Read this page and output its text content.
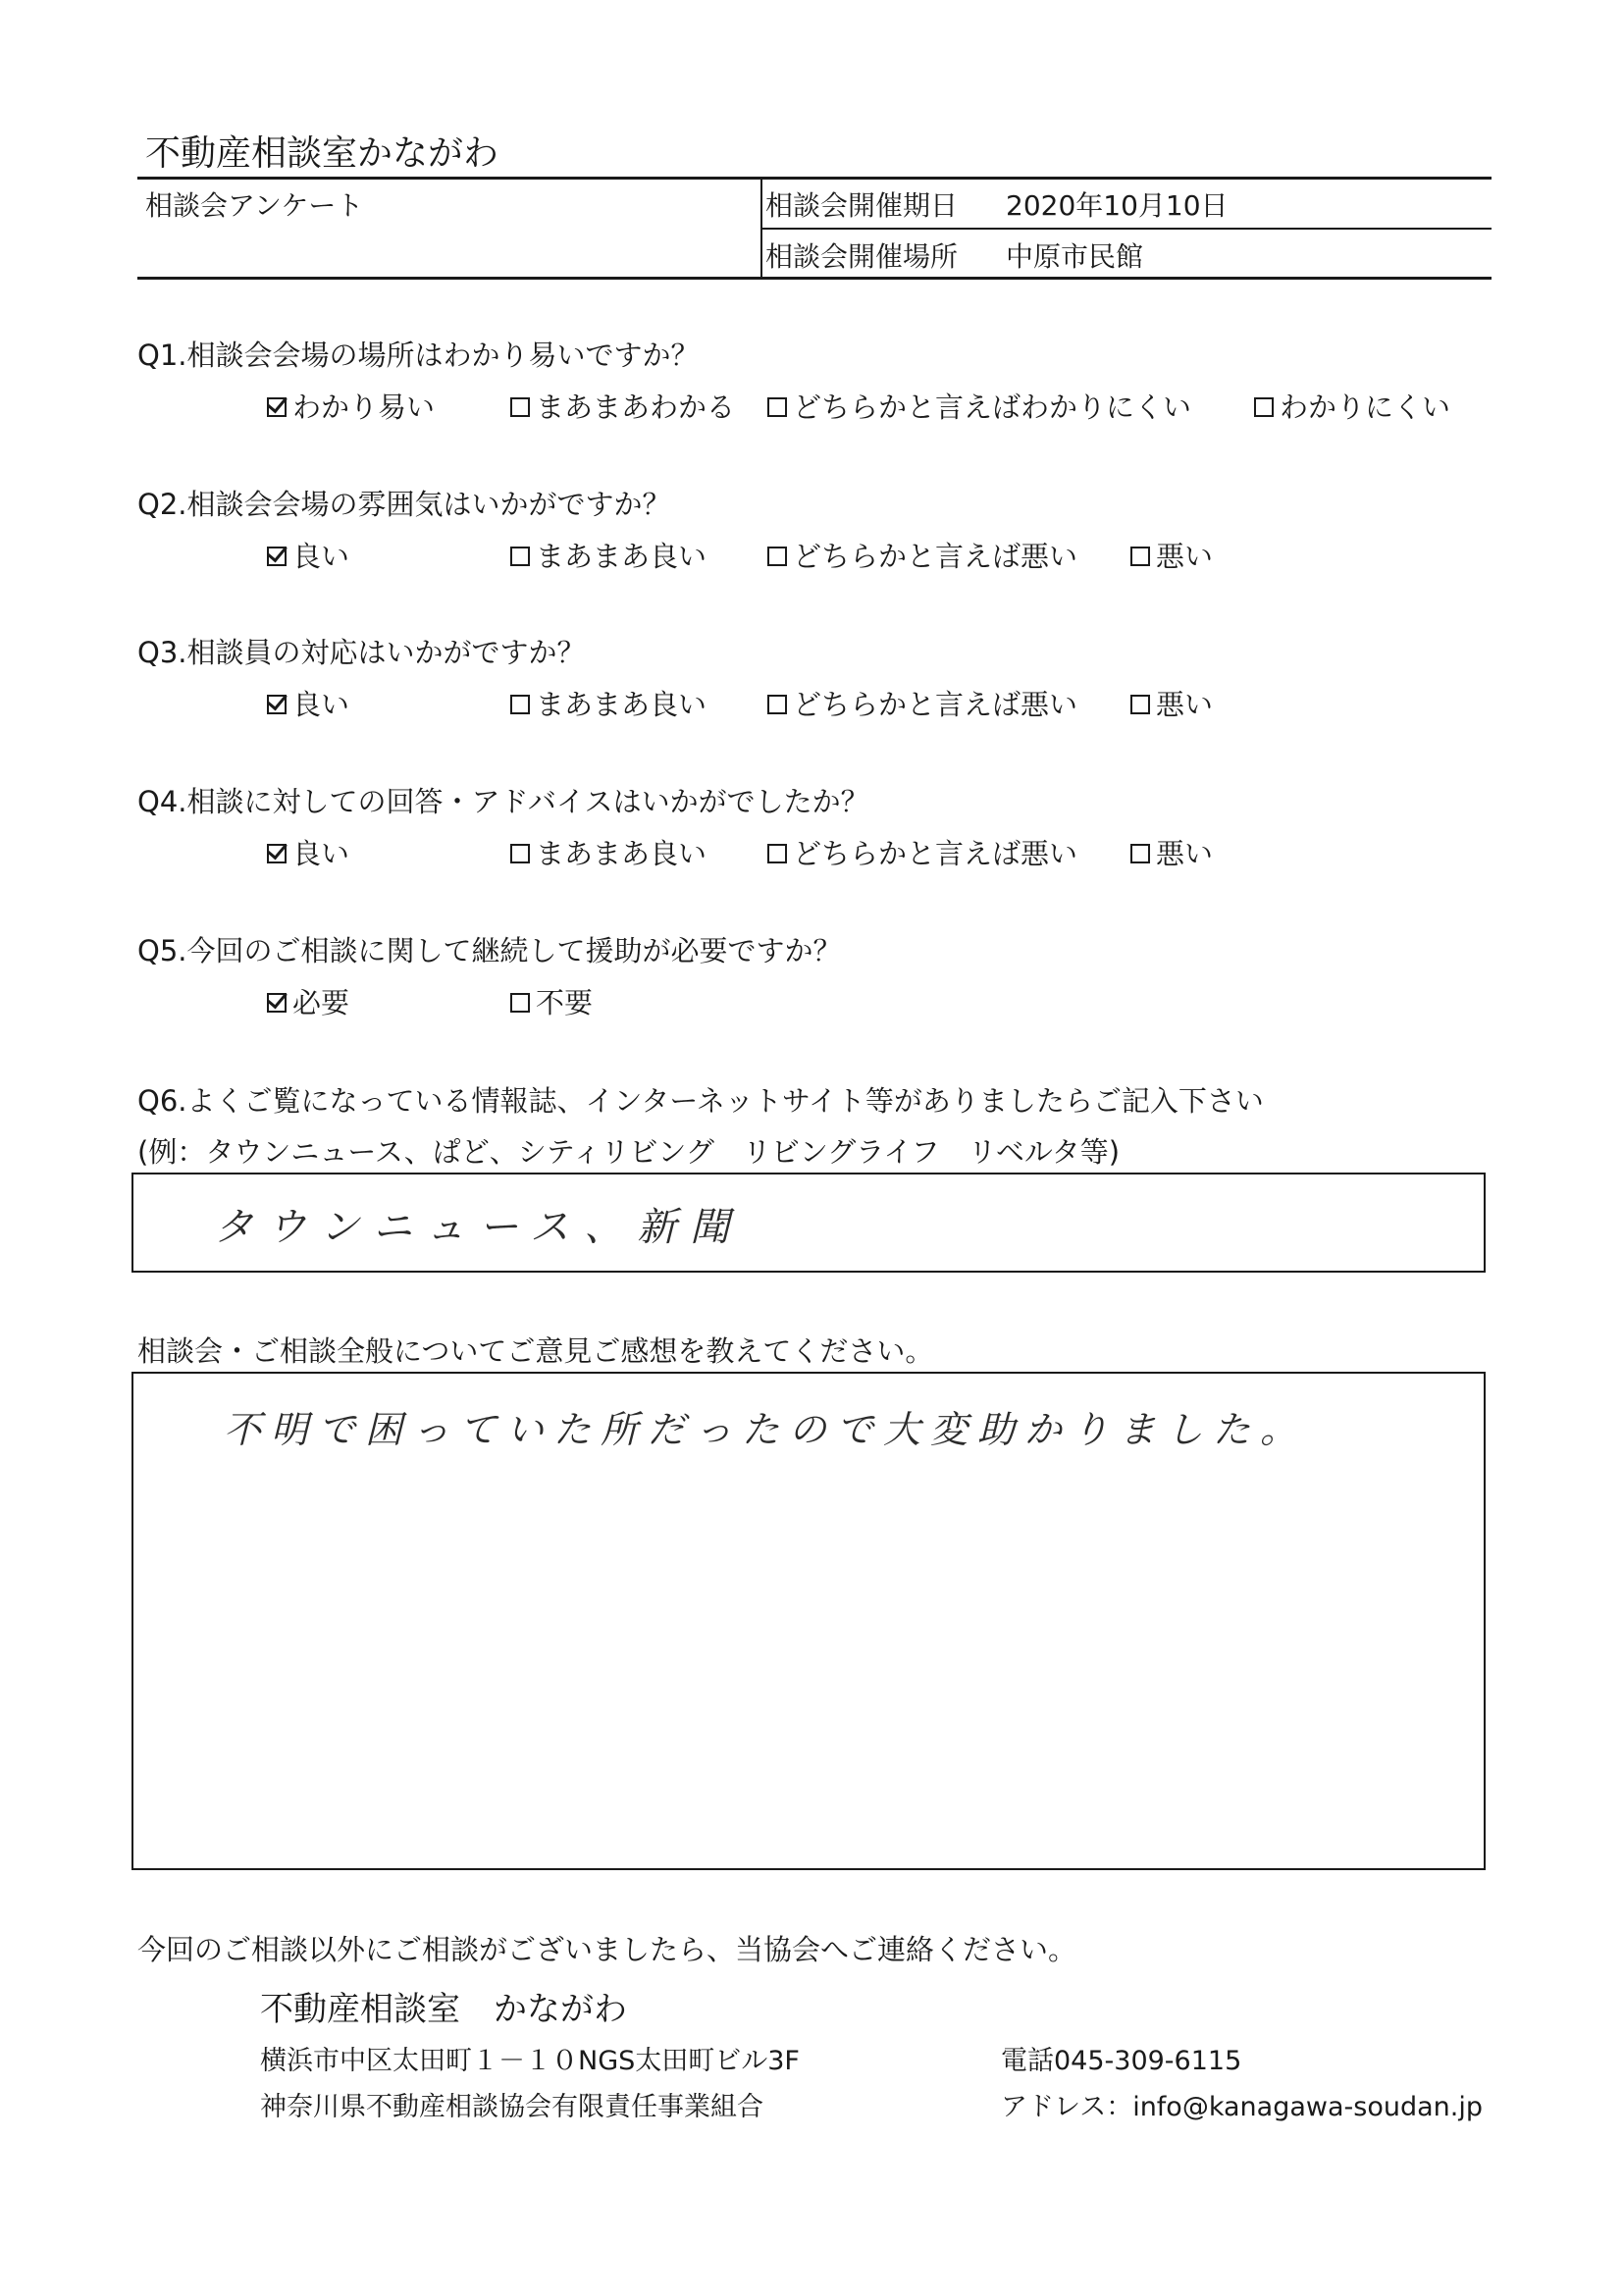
不動産相談室かながわ
相談会アンケート	相談会開催期日 2020年10月10日
相談会開催場所 中原市民館
Q1.相談会会場の場所はわかり易いですか？
わかり易い	まあまあわかる どちらかと言えばわかりにくい	わかりにくい
Q2.相談会会場の雰囲気はいかがですか？
良い	まあまあ良い	どちらかと言えば悪い	悪い
Q3.相談員の対応はいかがですか？
良い	まあまあ良い	どちらかと言えば悪い	悪い
Q4.相談に対しての回答・アドバイスはいかがでしたか？
良い	まあまあ良い	どちらかと言えば悪い	悪い
Q5.今回のご相談に関して継続して援助が必要ですか？
必要	不要
Q6.よくご覧になっている情報誌、インターネットサイト等がありましたらご記入下さい
(例：タウンニュース、ぱど、シティリビング　リビングライフ　リベルタ等)
タウンニュース、新聞
相談会・ご相談全般についてご意見ご感想を教えてください。
不明で困っていた所だったので大変助かりました。
今回のご相談以外にご相談がございましたら、当協会へご連絡ください。
不動産相談室　かながわ
横浜市中区太田町１－１０NGS太田町ビル3F
神奈川県不動産相談協会有限責任事業組合
電話045-309-6115
アドレス：info@kanagawa-soudan.jp
